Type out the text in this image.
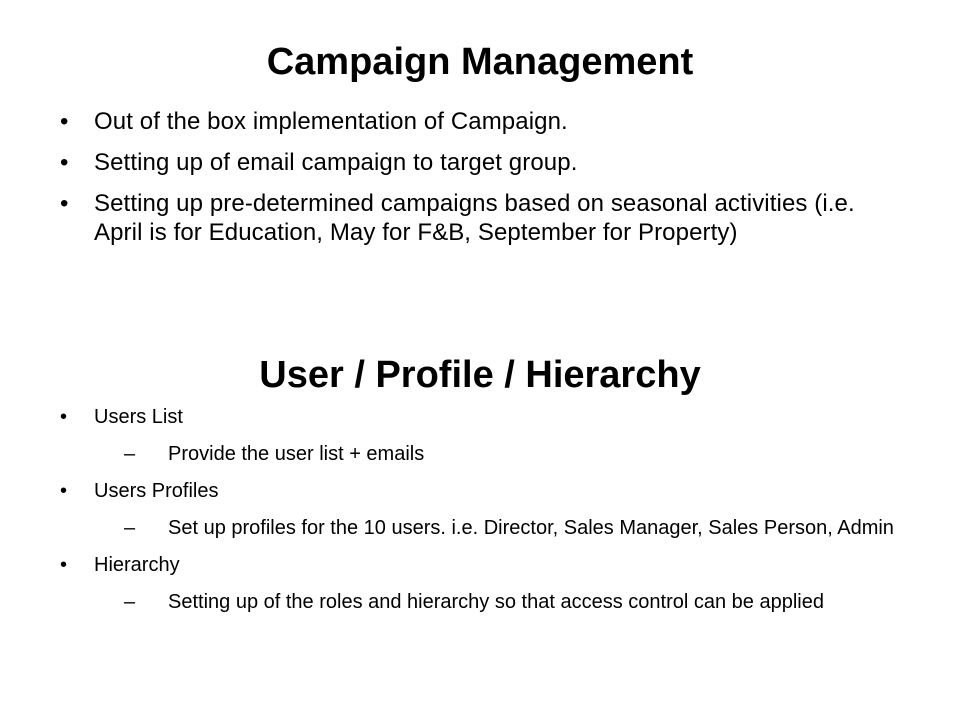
Campaign Management
•	Out of the box implementation of Campaign.
•	Setting up of email campaign to target group.
•	Setting up pre-determined campaigns based on seasonal activities (i.e. April is for Education, May for F&B, September for Property)
User / Profile / Hierarchy
•	Users List
–	Provide the user list + emails
•	Users Profiles
–	Set up profiles for the 10 users. i.e. Director, Sales Manager, Sales Person, Admin
•	Hierarchy
–	Setting up of the roles and hierarchy so that access control can be applied
